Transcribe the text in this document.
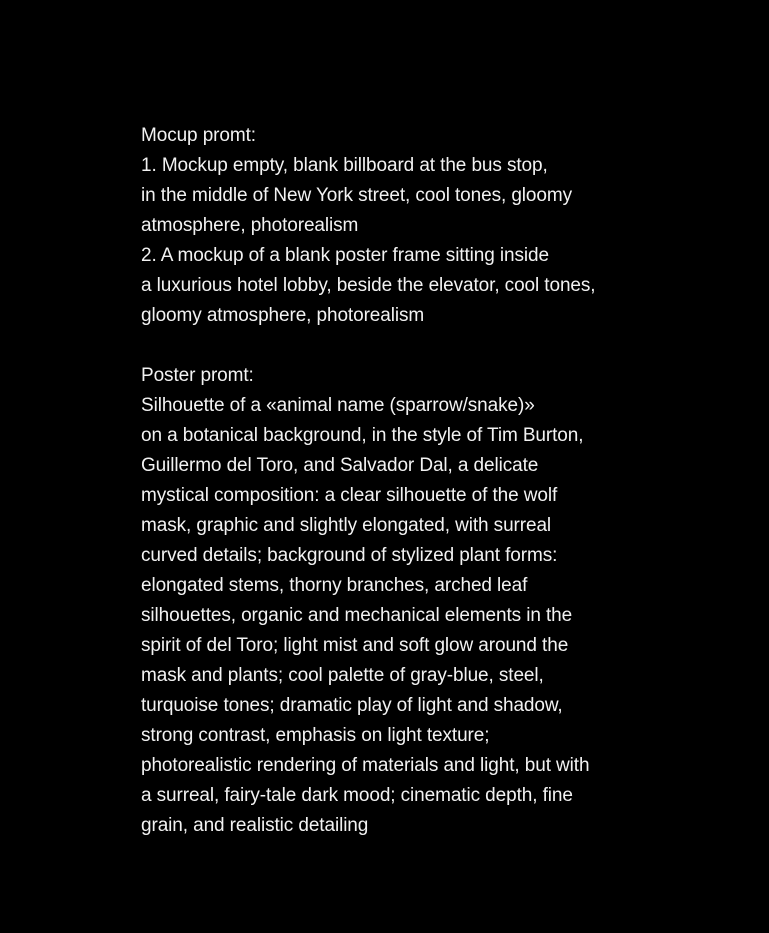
Mocup promt:
1. Mockup empty, blank billboard at the bus stop,
in the middle of New York street, cool tones, gloomy
atmosphere, photorealism
2. A mockup of a blank poster frame sitting inside
a luxurious hotel lobby, beside the elevator, cool tones,
gloomy atmosphere, photorealism
Poster promt:
Silhouette of a «animal name (sparrow/snake)»
on a botanical background, in the style of Tim Burton,
Guillermo del Toro, and Salvador Dal, a delicate
mystical composition: a clear silhouette of the wolf
mask, graphic and slightly elongated, with surreal
curved details; background of stylized plant forms:
elongated stems, thorny branches, arched leaf
silhouettes, organic and mechanical elements in the
spirit of del Toro; light mist and soft glow around the
mask and plants; cool palette of gray-blue, steel,
turquoise tones; dramatic play of light and shadow,
strong contrast, emphasis on light texture;
photorealistic rendering of materials and light, but with
a surreal, fairy-tale dark mood; cinematic depth, fine
grain, and realistic detailing
